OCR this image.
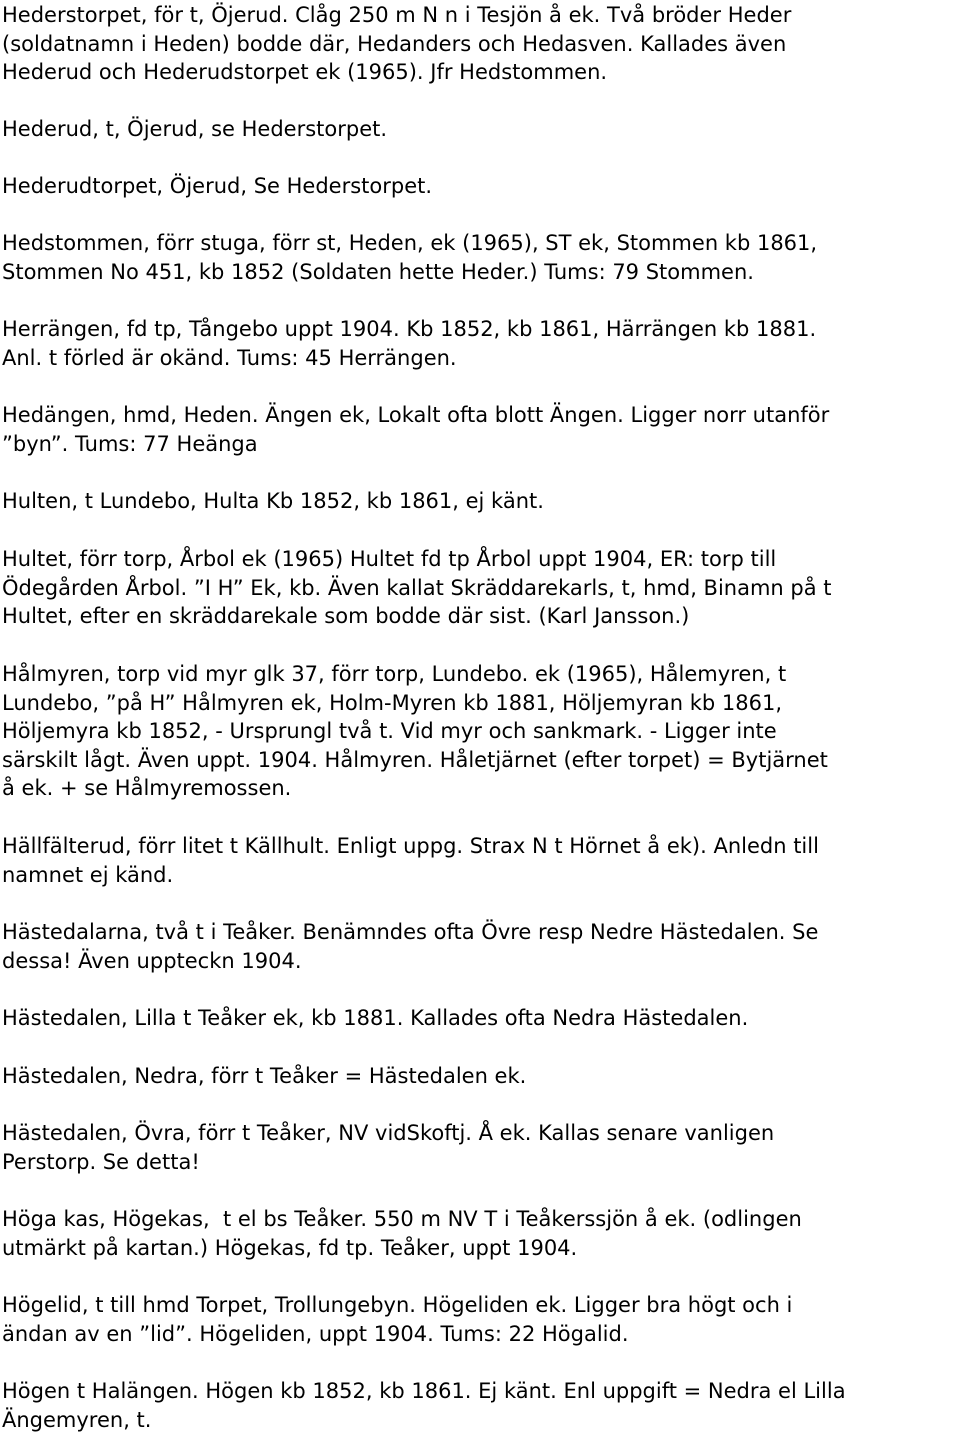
Hederstorpet, för t, Öjerud. Clåg 250 m N n i Tesjön å ek. Två bröder Heder
(soldatnamn i Heden) bodde där, Hedanders och Hedasven. Kallades även
Hederud och Hederudstorpet ek (1965). Jfr Hedstommen.
Hederud, t, Öjerud, se Hederstorpet.
Hederudtorpet, Öjerud, Se Hederstorpet.
Hedstommen, förr stuga, förr st, Heden, ek (1965), ST ek, Stommen kb 1861,
Stommen No 451, kb 1852 (Soldaten hette Heder.) Tums: 79 Stommen.
Herrängen, fd tp, Tångebo uppt 1904. Kb 1852, kb 1861, Härrängen kb 1881.
Anl. t förled är okänd. Tums: 45 Herrängen.
Hedängen, hmd, Heden. Ängen ek, Lokalt ofta blott Ängen. Ligger norr utanför
”byn”. Tums: 77 Heänga
Hulten, t Lundebo, Hulta Kb 1852, kb 1861, ej känt.
Hultet, förr torp, Årbol ek (1965) Hultet fd tp Årbol uppt 1904, ER: torp till
Ödegården Årbol. ”I H” Ek, kb. Även kallat Skräddarekarls, t, hmd, Binamn på t
Hultet, efter en skräddarekale som bodde där sist. (Karl Jansson.)
Hålmyren, torp vid myr glk 37, förr torp, Lundebo. ek (1965), Hålemyren, t
Lundebo, ”på H” Hålmyren ek, Holm-Myren kb 1881, Höljemyran kb 1861,
Höljemyra kb 1852, - Ursprungl två t. Vid myr och sankmark. - Ligger inte
särskilt lågt. Även uppt. 1904. Hålmyren. Håletjärnet (efter torpet) = Bytjärnet
å ek. + se Hålmyremossen.
Hällfälterud, förr litet t Källhult. Enligt uppg. Strax N t Hörnet å ek). Anledn till
namnet ej känd.
Hästedalarna, två t i Teåker. Benämndes ofta Övre resp Nedre Hästedalen. Se
dessa! Även uppteckn 1904.
Hästedalen, Lilla t Teåker ek, kb 1881. Kallades ofta Nedra Hästedalen.
Hästedalen, Nedra, förr t Teåker = Hästedalen ek.
Hästedalen, Övra, förr t Teåker, NV vidSkoftj. Å ek. Kallas senare vanligen
Perstorp. Se detta!
Höga kas, Högekas,  t el bs Teåker. 550 m NV T i Teåkerssjön å ek. (odlingen
utmärkt på kartan.) Högekas, fd tp. Teåker, uppt 1904.
Högelid, t till hmd Torpet, Trollungebyn. Högeliden ek. Ligger bra högt och i
ändan av en ”lid”. Högeliden, uppt 1904. Tums: 22 Högalid.
Högen t Halängen. Högen kb 1852, kb 1861. Ej känt. Enl uppgift = Nedra el Lilla
Ängemyren, t.
